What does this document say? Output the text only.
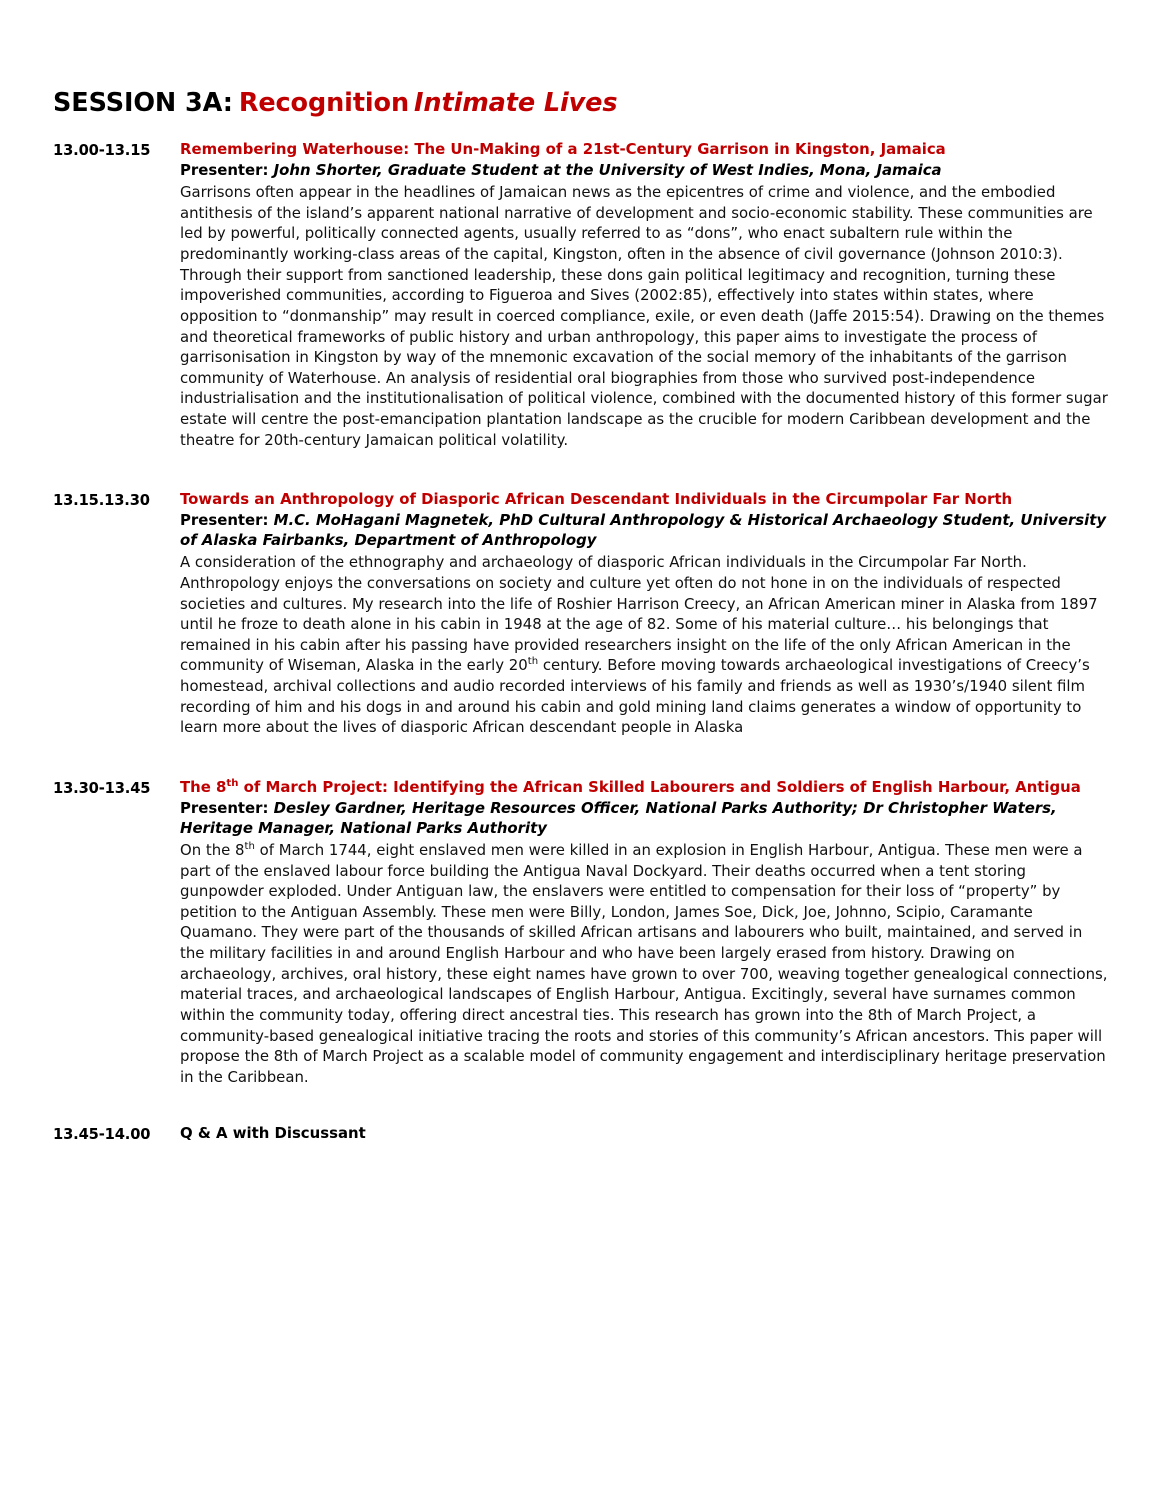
SESSION 3A: Recognition Intimate Lives
13.00-13.15	Remembering Waterhouse: The Un-Making of a 21st-Century Garrison in Kingston, Jamaica

Presenter: John Shorter, Graduate Student at the University of West Indies, Mona, Jamaica

Garrisons often appear in the headlines of Jamaican news as the epicentres of crime and violence, and the embodied antithesis of the island’s apparent national narrative of development and socio-economic stability. These communities are led by powerful, politically connected agents, usually referred to as “dons”, who enact subaltern rule within the predominantly working-class areas of the capital, Kingston, often in the absence of civil governance (Johnson 2010:3). Through their support from sanctioned leadership, these dons gain political legitimacy and recognition, turning these impoverished communities, according to Figueroa and Sives (2002:85), effectively into states within states, where opposition to “donmanship” may result in coerced compliance, exile, or even death (Jaffe 2015:54). Drawing on the themes and theoretical frameworks of public history and urban anthropology, this paper aims to investigate the process of garrisonisation in Kingston by way of the mnemonic excavation of the social memory of the inhabitants of the garrison community of Waterhouse. An analysis of residential oral biographies from those who survived post-independence industrialisation and the institutionalisation of political violence, combined with the documented history of this former sugar estate will centre the post-emancipation plantation landscape as the crucible for modern Caribbean development and the theatre for 20th-century Jamaican political volatility.

13.15.13.30	Towards an Anthropology of Diasporic African Descendant Individuals in the Circumpolar Far North

Presenter: M.C. MoHagani Magnetek, PhD Cultural Anthropology & Historical Archaeology Student, University of Alaska Fairbanks, Department of Anthropology

A consideration of the ethnography and archaeology of diasporic African individuals in the Circumpolar Far North. Anthropology enjoys the conversations on society and culture yet often do not hone in on the individuals of respected societies and cultures. My research into the life of Roshier Harrison Creecy, an African American miner in Alaska from 1897 until he froze to death alone in his cabin in 1948 at the age of 82. Some of his material culture… his belongings that remained in his cabin after his passing have provided researchers insight on the life of the only African American in the community of Wiseman, Alaska in the early 20th century. Before moving towards archaeological investigations of Creecy’s homestead, archival collections and audio recorded interviews of his family and friends as well as 1930’s/1940 silent film recording of him and his dogs in and around his cabin and gold mining land claims generates a window of opportunity to learn more about the lives of diasporic African descendant people in Alaska

13.30-13.45	The 8th of March Project: Identifying the African Skilled Labourers and Soldiers of English Harbour, Antigua

Presenter: Desley Gardner, Heritage Resources Officer, National Parks Authority; Dr Christopher Waters, Heritage Manager, National Parks Authority

On the 8th of March 1744, eight enslaved men were killed in an explosion in English Harbour, Antigua. These men were a part of the enslaved labour force building the Antigua Naval Dockyard. Their deaths occurred when a tent storing gunpowder exploded. Under Antiguan law, the enslavers were entitled to compensation for their loss of “property” by petition to the Antiguan Assembly. These men were Billy, London, James Soe, Dick, Joe, Johnno, Scipio, Caramante Quamano. They were part of the thousands of skilled African artisans and labourers who built, maintained, and served in the military facilities in and around English Harbour and who have been largely erased from history. Drawing on archaeology, archives, oral history, these eight names have grown to over 700, weaving together genealogical connections, material traces, and archaeological landscapes of English Harbour, Antigua. Excitingly, several have surnames common within the community today, offering direct ancestral ties. This research has grown into the 8th of March Project, a community-based genealogical initiative tracing the roots and stories of this community’s African ancestors. This paper will propose the 8th of March Project as a scalable model of community engagement and interdisciplinary heritage preservation in the Caribbean.

13.45-14.00	Q & A with Discussant
